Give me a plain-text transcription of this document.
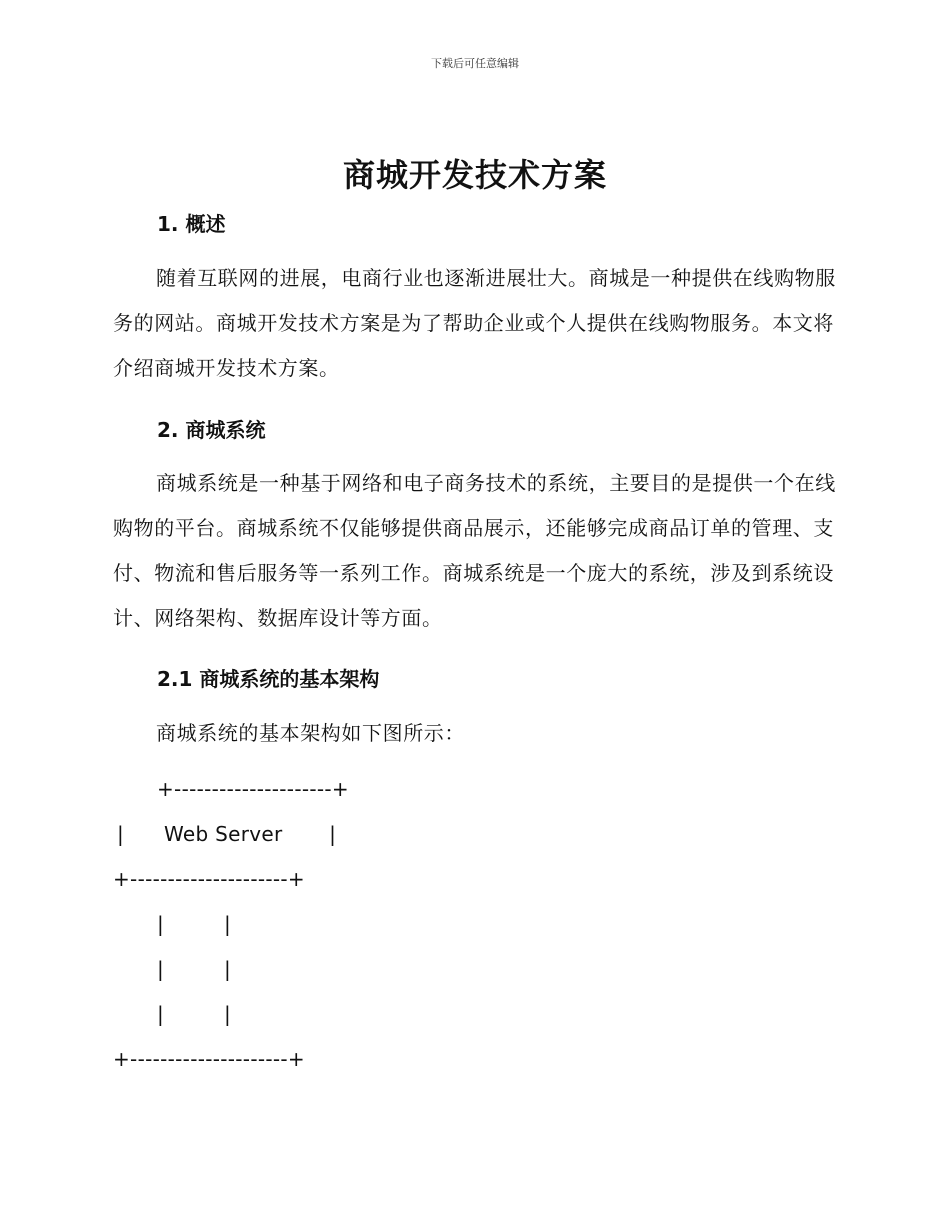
下载后可任意编辑
商城开发技术方案
1. 概述
随着互联网的进展，电商行业也逐渐进展壮大。商城是一种提供在线购物服务的网站。商城开发技术方案是为了帮助企业或个人提供在线购物服务。本文将介绍商城开发技术方案。
2. 商城系统
商城系统是一种基于网络和电子商务技术的系统，主要目的是提供一个在线购物的平台。商城系统不仅能够提供商品展示，还能够完成商品订单的管理、支付、物流和售后服务等一系列工作。商城系统是一个庞大的系统，涉及到系统设计、网络架构、数据库设计等方面。
2.1 商城系统的基本架构
商城系统的基本架构如下图所示：
+---------------------+
|      Web Server       |
+---------------------+
|         |
|         |
|         |
+---------------------+
